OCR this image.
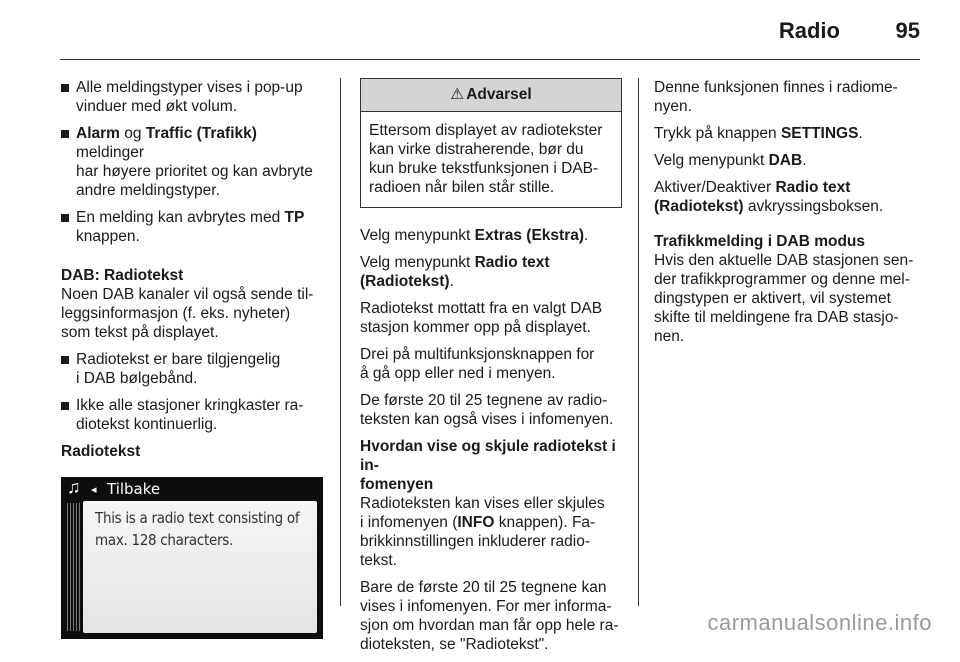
Radio	95
Alle meldingstyper vises i pop-up
vinduer med økt volum.
Alarm og Traffic (Trafikk) meldinger
har høyere prioritet og kan avbryte
andre meldingstyper.
En melding kan avbrytes med TP
knappen.

DAB: Radiotekst

Noen DAB kanaler vil også sende til-
leggsinformasjon (f. eks. nyheter)
som tekst på displayet.

Radiotekst er bare tilgjengelig
i DAB bølgebånd.
Ikke alle stasjoner kringkaster ra-
diotekst kontinuerlig.

Radiotekst

♫ ◂ Tilbake
This is a radio text consisting of
max. 128 characters.
⚠ Advarsel
Ettersom displayet av radiotekster
kan virke distraherende, bør du
kun bruke tekstfunksjonen i DAB-
radioen når bilen står stille.

Velg menypunkt Extras (Ekstra).

Velg menypunkt Radio text
(Radiotekst).

Radiotekst mottatt fra en valgt DAB
stasjon kommer opp på displayet.

Drei på multifunksjonsknappen for
å gå opp eller ned i menyen.

De første 20 til 25 tegnene av radio-
teksten kan også vises i infomenyen.

Hvordan vise og skjule radiotekst i in-
fomenyen

Radioteksten kan vises eller skjules
i infomenyen (INFO knappen). Fa-
brikkinnstillingen inkluderer radio-
tekst.

Bare de første 20 til 25 tegnene kan
vises i infomenyen. For mer informa-
sjon om hvordan man får opp hele ra-
dioteksten, se "Radiotekst".

Denne funksjonen finnes i radiome-
nyen.

Trykk på knappen SETTINGS.

Velg menypunkt DAB.

Aktiver/Deaktiver Radio text
(Radiotekst) avkryssingsboksen.

Trafikkmelding i DAB modus

Hvis den aktuelle DAB stasjonen sen-
der trafikkprogrammer og denne mel-
dingstypen er aktivert, vil systemet
skifte til meldingene fra DAB stasjo-
nen.

carmanualsonline.info
